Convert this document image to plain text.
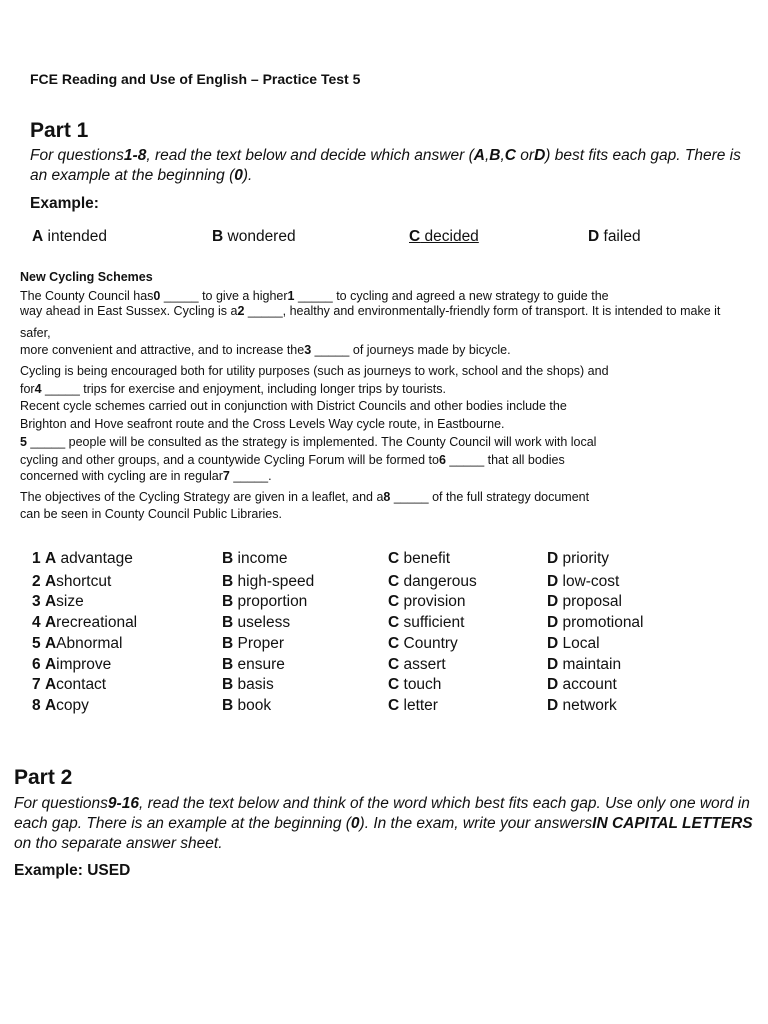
FCE Reading and Use of English – Practice Test 5
Part 1
For questions1-8, read the text below and decide which answer (A,B,C orD) best fits each gap. There is an example at the beginning (0).
Example:
A intended	B wondered	C decided	D failed
New Cycling Schemes
The County Council has0 _____ to give a higher1 _____ to cycling and agreed a new strategy to guide the
way ahead in East Sussex. Cycling is a2 _____, healthy and environmentally-friendly form of transport. It is intended to make it
safer,
more convenient and attractive, and to increase the3 _____ of journeys made by bicycle.
Cycling is being encouraged both for utility purposes (such as journeys to work, school and the shops) and
for4 _____ trips for exercise and enjoyment, including longer trips by tourists.
Recent cycle schemes carried out in conjunction with District Councils and other bodies include the
Brighton and Hove seafront route and the Cross Levels Way cycle route, in Eastbourne.
5 _____ people will be consulted as the strategy is implemented. The County Council will work with local
cycling and other groups, and a countywide Cycling Forum will be formed to6 _____ that all bodies
concerned with cycling are in regular7 _____.
The objectives of the Cycling Strategy are given in a leaflet, and a8 _____ of the full strategy document
can be seen in County Council Public Libraries.
1 A advantage	B income	C benefit	D priority
2 Ashortcut	B high-speed	C dangerous	D low-cost
3 Asize	B proportion	C provision	D proposal
4 Arecreational	B useless	C sufficient	D promotional
5 AAbnormal	B Proper	C Country	D Local
6 Aimprove	B ensure	C assert	D maintain
7 Acontact	B basis	C touch	D account
8 Acopy	B book	C letter	D network
Part 2
For questions9-16, read the text below and think of the word which best fits each gap. Use only one word in each gap. There is an example at the beginning (0). In the exam, write your answersIN CAPITAL LETTERS on tho separate answer sheet.
Example: USED
